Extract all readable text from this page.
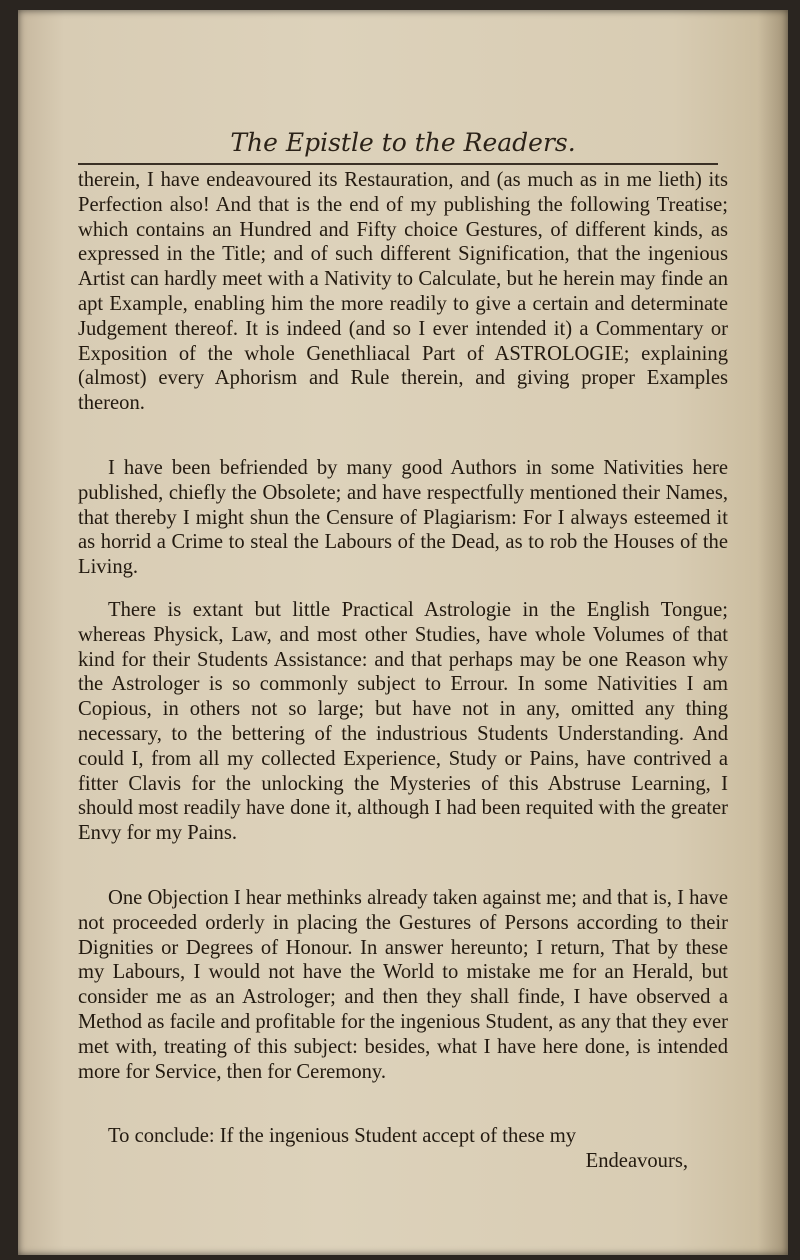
The Epistle to the Readers.

therein, I have endeavoured its Restauration, and (as much as in me lieth) its Perfection also! And that is the end of my publishing the following Treatise; which contains an Hundred and Fifty choice Gestures, of different kinds, as expressed in the Title; and of such different Signification, that the ingenious Artist can hardly meet with a Nativity to Calculate, but he herein may finde an apt Example, enabling him the more readily to give a certain and determinate Judgement thereof. It is indeed (and so I ever intended it) a Commentary or Exposition of the whole Genethliacal Part of ASTROLOGIE; explaining (almost) every Aphorism and Rule therein, and giving proper Examples thereon.

I have been befriended by many good Authors in some Nativities here published, chiefly the Obsolete; and have respectfully mentioned their Names, that thereby I might shun the Censure of Plagiarism: For I always esteemed it as horrid a Crime to steal the Labours of the Dead, as to rob the Houses of the Living.

There is extant but little Practical Astrologie in the English Tongue; whereas Physick, Law, and most other Studies, have whole Volumes of that kind for their Students Assistance: and that perhaps may be one Reason why the Astrologer is so commonly subject to Errour. In some Nativities I am Copious, in others not so large; but have not in any, omitted any thing necessary, to the bettering of the industrious Students Understanding. And could I, from all my collected Experience, Study or Pains, have contrived a fitter Clavis for the unlocking the Mysteries of this Abstruse Learning, I should most readily have done it, although I had been requited with the greater Envy for my Pains.

One Objection I hear methinks already taken against me; and that is, I have not proceeded orderly in placing the Gestures of Persons according to their Dignities or Degrees of Honour. In answer hereunto; I return, That by these my Labours, I would not have the World to mistake me for an Herald, but consider me as an Astrologer; and then they shall finde, I have observed a Method as facile and profitable for the ingenious Student, as any that they ever met with, treating of this subject: besides, what I have here done, is intended more for Service, then for Ceremony.

To conclude: If the ingenious Student accept of these my

Endeavours,
